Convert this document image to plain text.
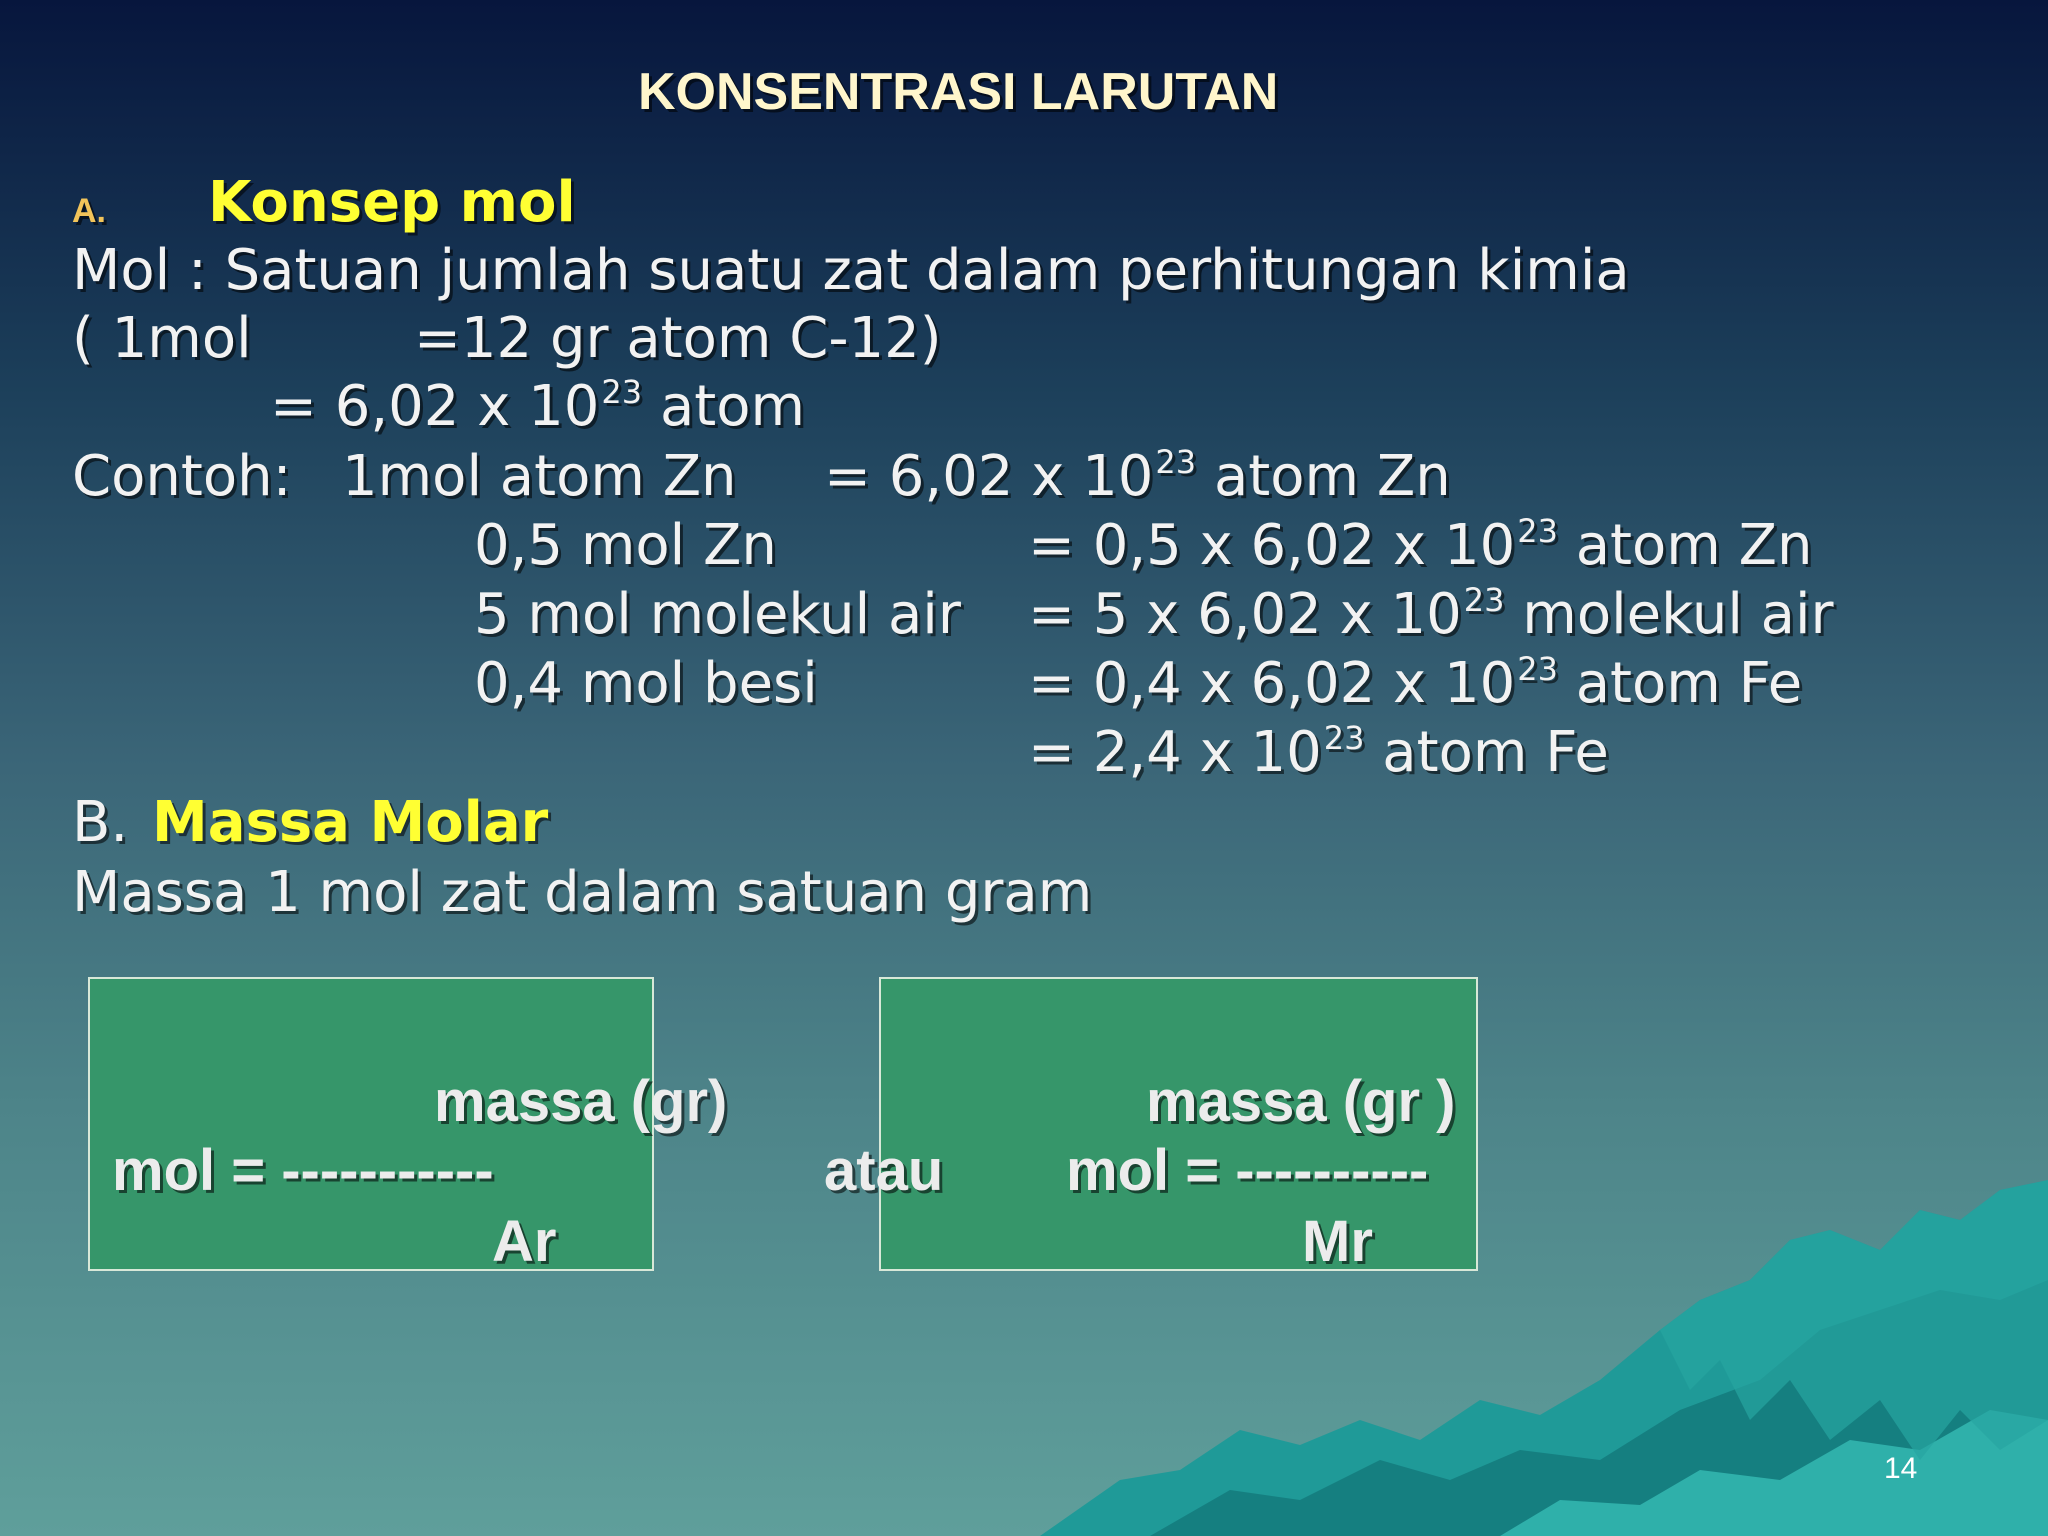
KONSENTRASI LARUTAN
A. Konsep mol
Mol : Satuan jumlah suatu zat dalam perhitungan kimia
( 1mol	=12 gr atom C-12)
= 6,02 x $10^{23}$ atom
Contoh: 1mol atom Zn = 6,02 x $10^{23}$ atom Zn
0,5 mol Zn	= 0,5 x 6,02 x $10^{23}$ atom Zn
5 mol molekul air = 5 x 6,02 x $10^{23}$ molekul air
0,4 mol besi	= 0,4 x 6,02 x $10^{23}$ atom Fe
= 2,4 x $10^{23}$ atom Fe
B. Massa Molar
Massa 1 mol zat dalam satuan gram
massa (gr)
mol = -----------
Ar
atau
massa (gr )
mol = ----------
Mr
14
